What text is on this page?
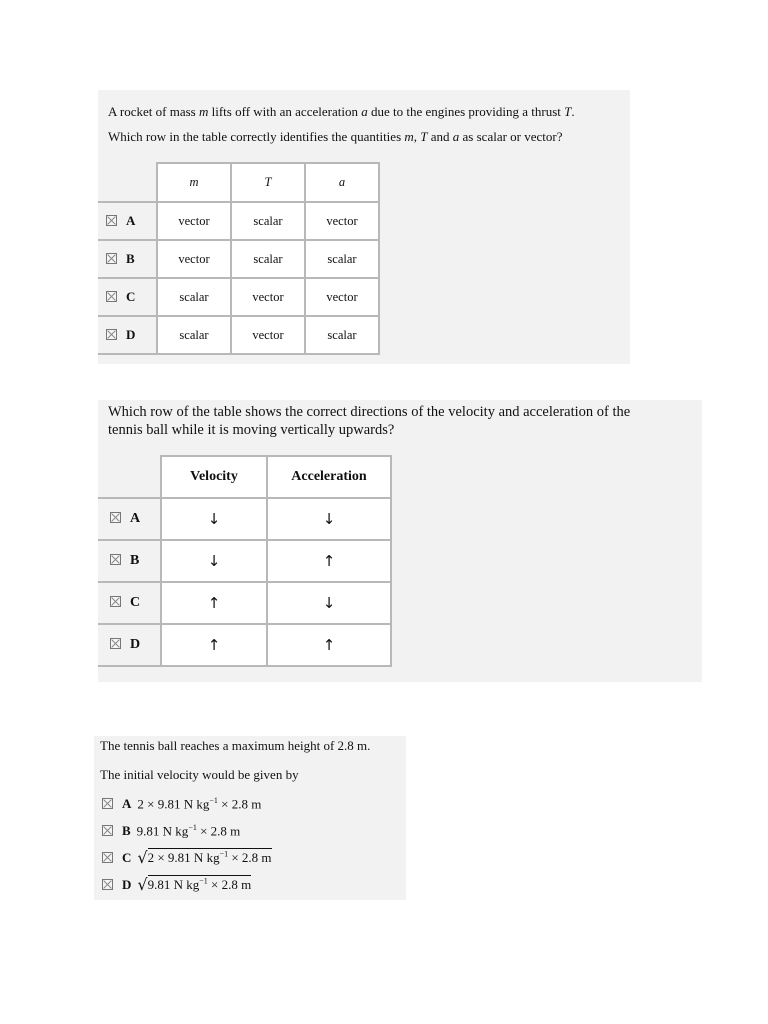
A rocket of mass m lifts off with an acceleration a due to the engines providing a thrust T.
Which row in the table correctly identifies the quantities m, T and a as scalar or vector?
	m	T	a
A	vector	scalar	vector
B	vector	scalar	scalar
C	scalar	vector	vector
D	scalar	vector	scalar
Which row of the table shows the correct directions of the velocity and acceleration of the tennis ball while it is moving vertically upwards?
	Velocity	Acceleration
A	↓	↓
B	↓	↑
C	↑	↓
D	↑	↑
The tennis ball reaches a maximum height of 2.8 m.
The initial velocity would be given by
A 2 × 9.81 N $kg^{-1} \times 2.8$ m
B 9.81 N $kg^{-1} \times 2.8$ m
C √2 × 9.81 N $kg^{-1} \times 2.8$ m
D √9.81 N $kg^{-1} \times 2.8$ m
